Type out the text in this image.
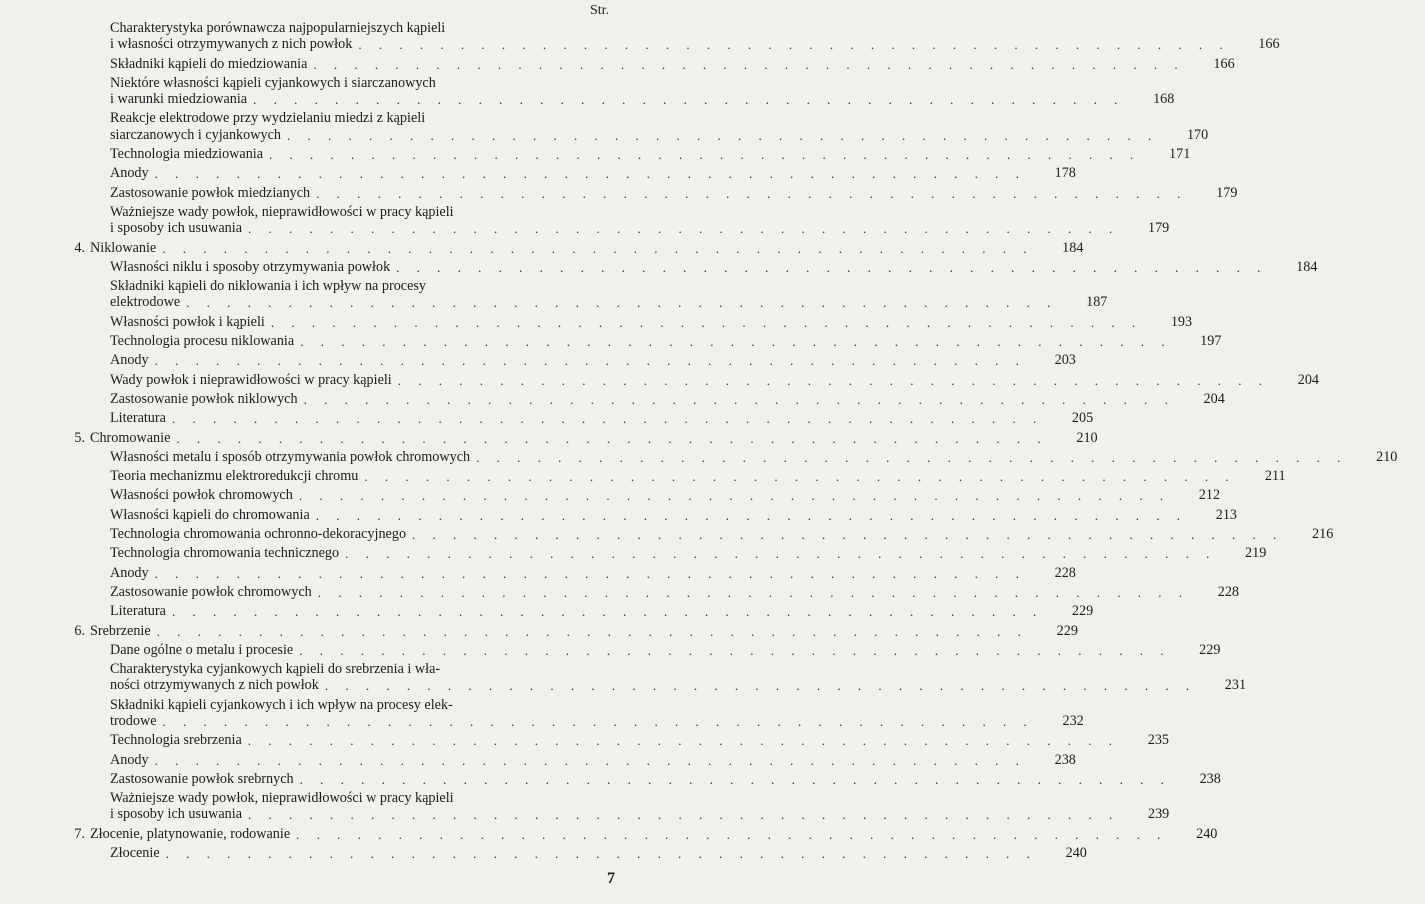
Str.
Charakterystyka porównawcza najpopularniejszych kąpieli
i własności otrzymywanych z nich powłok . . . . . . . . . . . . . . . . . . . . . . . . . . . . . . . . . . . . . . . . . . .	166
Składniki kąpieli do miedziowania . . . . . . . . . . . . . . . . . . . . . . . . . . . . . . . . . . . . . . . . . . .	166
Niektóre własności kąpieli cyjankowych i siarczanowych
i warunki miedziowania . . . . . . . . . . . . . . . . . . . . . . . . . . . . . . . . . . . . . . . . . . .	168
Reakcje elektrodowe przy wydzielaniu miedzi z kąpieli
siarczanowych i cyjankowych . . . . . . . . . . . . . . . . . . . . . . . . . . . . . . . . . . . . . . . . . . .	170
Technologia miedziowania . . . . . . . . . . . . . . . . . . . . . . . . . . . . . . . . . . . . . . . . . . .	171
Anody . . . . . . . . . . . . . . . . . . . . . . . . . . . . . . . . . . . . . . . . . . .	178
Zastosowanie powłok miedzianych . . . . . . . . . . . . . . . . . . . . . . . . . . . . . . . . . . . . . . . . . . .	179
Ważniejsze wady powłok, nieprawidłowości w pracy kąpieli
i sposoby ich usuwania . . . . . . . . . . . . . . . . . . . . . . . . . . . . . . . . . . . . . . . . . . .	179
4. Niklowanie . . . . . . . . . . . . . . . . . . . . . . . . . . . . . . . . . . . . . . . . . . .	184
Własności niklu i sposoby otrzymywania powłok . . . . . . . . . . . . . . . . . . . . . . . . . . . . . . . . . . . . . . . . . . .	184
Składniki kąpieli do niklowania i ich wpływ na procesy
elektrodowe . . . . . . . . . . . . . . . . . . . . . . . . . . . . . . . . . . . . . . . . . . .	187
Własności powłok i kąpieli . . . . . . . . . . . . . . . . . . . . . . . . . . . . . . . . . . . . . . . . . . .	193
Technologia procesu niklowania . . . . . . . . . . . . . . . . . . . . . . . . . . . . . . . . . . . . . . . . . . .	197
Anody . . . . . . . . . . . . . . . . . . . . . . . . . . . . . . . . . . . . . . . . . . .	203
Wady powłok i nieprawidłowości w pracy kąpieli . . . . . . . . . . . . . . . . . . . . . . . . . . . . . . . . . . . . . . . . . . .	204
Zastosowanie powłok niklowych . . . . . . . . . . . . . . . . . . . . . . . . . . . . . . . . . . . . . . . . . . .	204
Literatura . . . . . . . . . . . . . . . . . . . . . . . . . . . . . . . . . . . . . . . . . . .	205
5. Chromowanie . . . . . . . . . . . . . . . . . . . . . . . . . . . . . . . . . . . . . . . . . . .	210
Własności metalu i sposób otrzymywania powłok chromowych . . . . . . . . . . . . . . . . . . . . . . . . . . . . . . . . . . . . . . . . . . .	210
Teoria mechanizmu elektroredukcji chromu . . . . . . . . . . . . . . . . . . . . . . . . . . . . . . . . . . . . . . . . . . .	211
Własności powłok chromowych . . . . . . . . . . . . . . . . . . . . . . . . . . . . . . . . . . . . . . . . . . .	212
Własności kąpieli do chromowania . . . . . . . . . . . . . . . . . . . . . . . . . . . . . . . . . . . . . . . . . . .	213
Technologia chromowania ochronno-dekoracyjnego . . . . . . . . . . . . . . . . . . . . . . . . . . . . . . . . . . . . . . . . . . .	216
Technologia chromowania technicznego . . . . . . . . . . . . . . . . . . . . . . . . . . . . . . . . . . . . . . . . . . .	219
Anody . . . . . . . . . . . . . . . . . . . . . . . . . . . . . . . . . . . . . . . . . . .	228
Zastosowanie powłok chromowych . . . . . . . . . . . . . . . . . . . . . . . . . . . . . . . . . . . . . . . . . . .	228
Literatura . . . . . . . . . . . . . . . . . . . . . . . . . . . . . . . . . . . . . . . . . . .	229
6. Srebrzenie . . . . . . . . . . . . . . . . . . . . . . . . . . . . . . . . . . . . . . . . . . .	229
Dane ogólne o metalu i procesie . . . . . . . . . . . . . . . . . . . . . . . . . . . . . . . . . . . . . . . . . . .	229
Charakterystyka cyjankowych kąpieli do srebrzenia i wła-
ności otrzymywanych z nich powłok . . . . . . . . . . . . . . . . . . . . . . . . . . . . . . . . . . . . . . . . . . .	231
Składniki kąpieli cyjankowych i ich wpływ na procesy elek-
trodowe . . . . . . . . . . . . . . . . . . . . . . . . . . . . . . . . . . . . . . . . . . .	232
Technologia srebrzenia . . . . . . . . . . . . . . . . . . . . . . . . . . . . . . . . . . . . . . . . . . .	235
Anody . . . . . . . . . . . . . . . . . . . . . . . . . . . . . . . . . . . . . . . . . . .	238
Zastosowanie powłok srebrnych . . . . . . . . . . . . . . . . . . . . . . . . . . . . . . . . . . . . . . . . . . .	238
Ważniejsze wady powłok, nieprawidłowości w pracy kąpieli
i sposoby ich usuwania . . . . . . . . . . . . . . . . . . . . . . . . . . . . . . . . . . . . . . . . . . .	239
7. Złocenie, platynowanie, rodowanie . . . . . . . . . . . . . . . . . . . . . . . . . . . . . . . . . . . . . . . . . . .	240
Złocenie . . . . . . . . . . . . . . . . . . . . . . . . . . . . . . . . . . . . . . . . . . .	240
7
